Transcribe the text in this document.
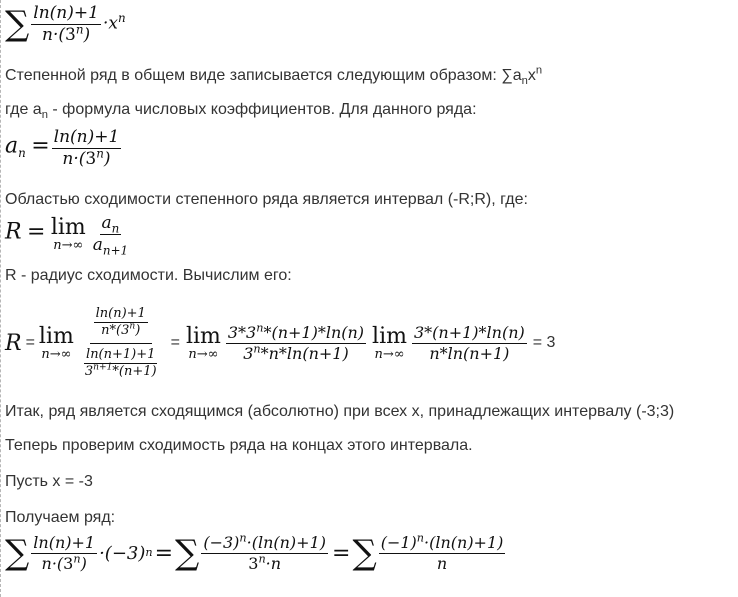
∑ $\frac{\ln(n)+1}{n\cdot(3^n)} \cdot x^n$
Степенной ряд в общем виде записывается следующим образом: $\sum a_nx^n$
где $a_n$ - формула числовых коэффициентов. Для данного ряда:
$a_n = \frac{\ln(n)+1}{n\cdot(3^n)}$
Областью сходимости степенного ряда является интервал (-R;R), где:
R = lim
$n\to\infty \frac{a_n}{a_{n+1}}$
R - радиус сходимости. Вычислим его:
R = lim
$n\to\infty \frac{\frac{\ln(n)+1}{n*(3^n)}}{\frac{\ln(n+1)+1}{3^{n+1}*(n+1)}} = \lim$
$n\to\infty \frac{3*3^n*(n+1)*\ln(n)}{3^n*n*\ln(n+1)}$ lim
$n\to\infty \frac{3*(n+1)*\ln(n)}{n*\ln(n+1)} = 3$
Итак, ряд является сходящимся (абсолютно) при всех x, принадлежащих интервалу (-3;3)
Теперь проверим сходимость ряда на концах этого интервала.
Пусть x = -3
Получаем ряд:
∑ $\frac{\ln(n)+1}{n\cdot(3^n)} \cdot(-3) n$ = ∑ $\frac{(-3)^n\cdot(\ln(n)+1)}{3^n\cdot n}$ = ∑ $\frac{(-1)^n\cdot(\ln(n)+1)}{n}$
